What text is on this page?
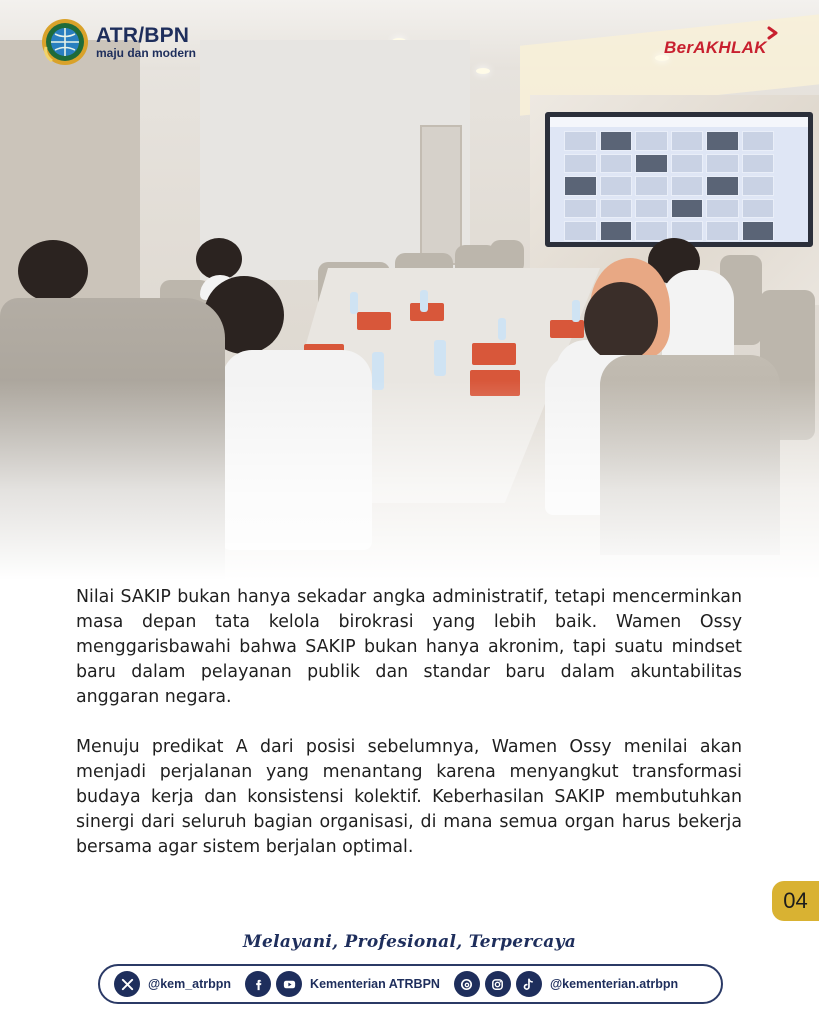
ATR/BPN
maju dan modern	BerAKHLAK

Nilai SAKIP bukan hanya sekadar angka administratif, tetapi mencerminkan masa depan tata kelola birokrasi yang lebih baik. Wamen Ossy menggarisbawahi bahwa SAKIP bukan hanya akronim, tapi suatu mindset baru dalam pelayanan publik dan standar baru dalam akuntabilitas anggaran negara.

Menuju predikat A dari posisi sebelumnya, Wamen Ossy menilai akan menjadi perjalanan yang menantang karena menyangkut transformasi budaya kerja dan konsistensi kolektif. Keberhasilan SAKIP membutuhkan sinergi dari seluruh bagian organisasi, di mana semua organ harus bekerja bersama agar sistem berjalan optimal.

04
Melayani, Profesional, Terpercaya
@kem_atrbpn	Kementerian ATRBPN	@kementerian.atrbpn
